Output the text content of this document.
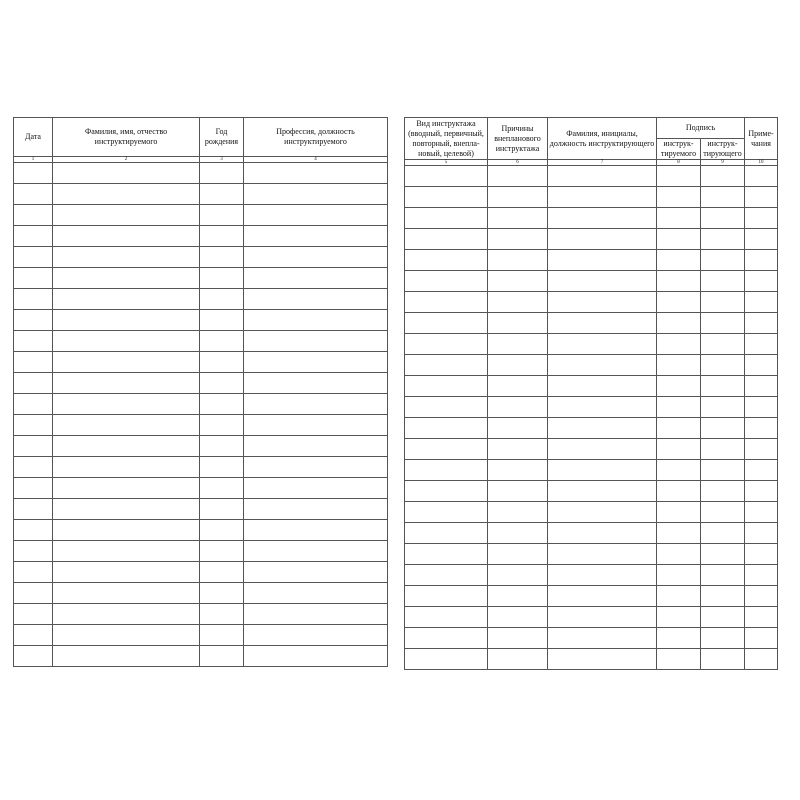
Дата	Фамилия, имя, отчество инструктируемого	Год рождения	Профессия, должность инструктируемого
1	2	3	4

Вид инструктажа (вводный, первичный, повторный, внепла-новый, целевой)	Причины внепланового инструктажа	Фамилия, инициалы, должность инструктирующего	Подпись		Приме-чания
			инструк-тируемого	инструк-тирующего	
5	6	7	8	9	10
